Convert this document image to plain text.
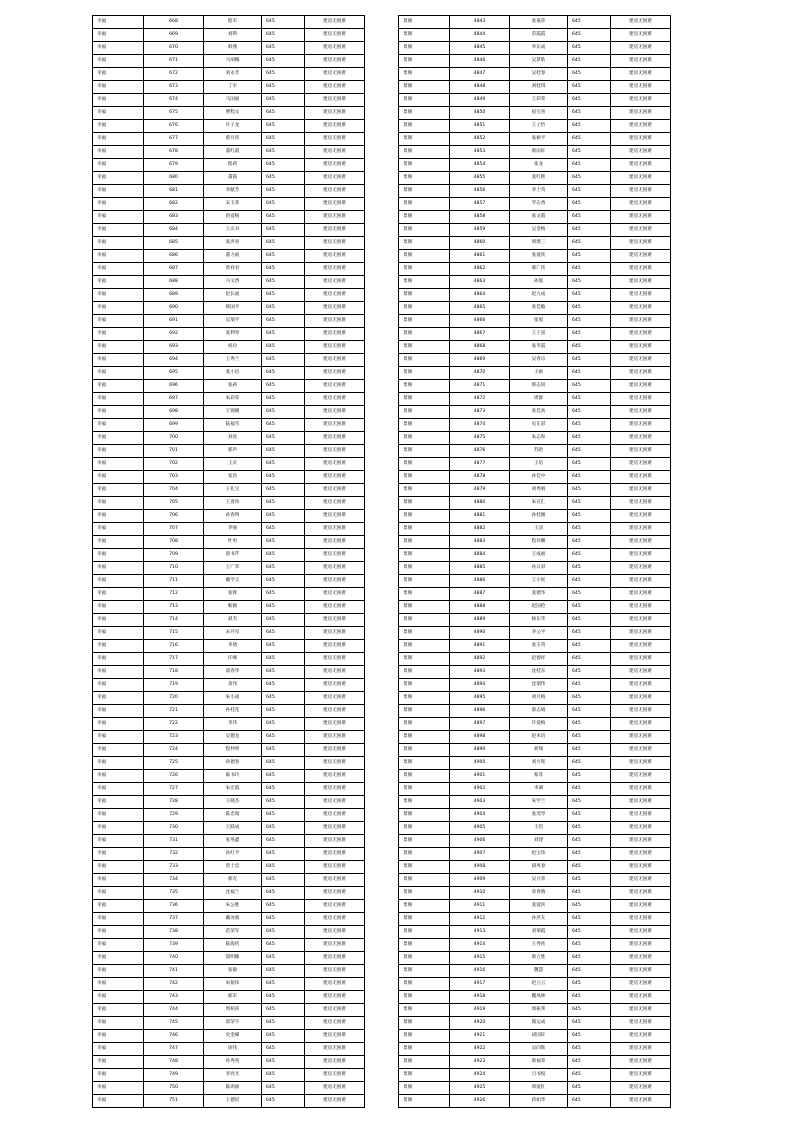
幸福	668	程军	645	建房无困难
幸福	669	刘利	645	建房无困难
幸福	670	韩燕	645	建房无困难
幸福	671	马胡娜	645	建房无困难
幸福	672	刘永芳	645	建房无困难
幸福	673	丁军	645	建房无困难
幸福	674	马国福	645	建房无困难
幸福	675	曹程文	645	建房无困难
幸福	676	许子龙	645	建房无困难
幸福	677	蔡月侠	645	建房无困难
幸福	678	董红霞	645	建房无困难
幸福	679	程莉	645	建房无困难
幸福	680	董霞	645	建房无困难
幸福	681	李献芳	645	建房无困难
幸福	682	宋玉荣	645	建房无困难
幸福	683	蒋爱梅	645	建房无困难
幸福	684	王庆书	645	建房无困难
幸福	685	张洪亮	645	建房无困难
幸福	686	董力福	645	建房无困难
幸福	687	曾祥君	645	建房无困难
幸福	688	马文香	645	建房无困难
幸福	689	赵长福	645	建房无困难
幸福	690	韩国平	645	建房无困难
幸福	691	吴瑞平	645	建房无困难
幸福	692	张利琴	645	建房无困难
幸福	693	祝玲	645	建房无困难
幸福	694	王秀兰	645	建房无困难
幸福	695	张小培	645	建房无困难
幸福	696	张莉	645	建房无困难
幸福	697	朱彩荣	645	建房无困难
幸福	698	王锦刚	645	建房无困难
幸福	699	陆福雪	645	建房无困难
幸福	700	刘真	645	建房无困难
幸福	701	郝声	645	建房无困难
幸福	702	王庆	645	建房无困难
幸福	703	张浩	645	建房无困难
幸福	704	王礼宝	645	建房无困难
幸福	705	王喜珍	645	建房无困难
幸福	706	孙春明	645	建房无困难
幸福	707	李强	645	建房无困难
幸福	708	叶男	645	建房无困难
幸福	709	翟书芹	645	建房无困难
幸福	710	王广荣	645	建房无困难
幸福	711	戴学义	645	建房无困难
幸福	712	张辉	645	建房无困难
幸福	713	靳鹤	645	建房无困难
幸福	714	聂杰	645	建房无困难
幸福	715	宋丹军	645	建房无困难
幸福	716	李倩	645	建房无困难
幸福	717	许峰	645	建房无困难
幸福	718	翟春华	645	建房无困难
幸福	719	余伟	645	建房无困难
幸福	720	朱小成	645	建房无困难
幸福	721	孙桂花	645	建房无困难
幸福	722	李伟	645	建房无困难
幸福	723	吴德龙	645	建房无困难
幸福	724	程仲明	645	建房无困难
幸福	725	孙德春	645	建房无困难
幸福	726	陈书玲	645	建房无困难
幸福	727	朱宏霞	645	建房无困难
幸福	728	王晓杰	645	建房无困难
幸福	729	陈忠瑞	645	建房无困难
幸福	730	王跃成	645	建房无困难
幸福	731	张英鑫	645	建房无困难
幸福	732	孙红平	645	建房无困难
幸福	733	曾士忠	645	建房无困难
幸福	734	郝光	645	建房无困难
幸福	735	沈福兰	645	建房无困难
幸福	736	朱公胜	645	建房无困难
幸福	737	戴冰燕	645	建房无困难
幸福	738	范荣军	645	建房无困难
幸福	739	陆海侠	645	建房无困难
幸福	740	郑明臻	645	建房无困难
幸福	741	张敏	645	建房无困难
幸福	742	朱银珍	645	建房无困难
幸福	743	郝军	645	建房无困难
幸福	744	周柏喜	645	建房无困难
幸福	745	郑荣宇	645	建房无困难
幸福	746	史金娣	645	建房无困难
幸福	747	徐伟	645	建房无困难
幸福	748	孙秀英	645	建房无困难
幸福	749	李亮光	645	建房无困难
幸福	750	陈鸿福	645	建房无困难
幸福	751	王德培	645	建房无困难
景阁	4843	张嘉萍	645	建房无困难
景阁	4844	苗霞霞	645	建房无困难
景阁	4845	李东成	645	建房无困难
景阁	4846	吴梦皓	645	建房无困难
景阁	4847	吴桂春	645	建房无困难
景阁	4848	刘桂琪	645	建房无困难
景阁	4849	王彩荣	645	建房无困难
景阁	4850	宿宝喜	645	建房无困难
景阁	4851	王子怡	645	建房无困难
景阁	4852	张树平	645	建房无困难
景阁	4853	蔡雨轩	645	建房无困难
景阁	4854	张龙	645	建房无困难
景阁	4855	张红艳	645	建房无困难
景阁	4856	李士英	645	建房无困难
景阁	4857	罗志香	645	建房无困难
景阁	4858	张文霞	645	建房无困难
景阁	4859	吴金梅	645	建房无困难
景阁	4860	周建三	645	建房无困难
景阁	4861	张爱侠	645	建房无困难
景阁	4862	郝广侠	645	建房无困难
景阁	4863	孙琚	645	建房无困难
景阁	4864	赵九成	645	建房无困难
景阁	4865	张佳敏	645	建房无困难
景阁	4866	张旭	645	建房无困难
景阁	4867	王子富	645	建房无困难
景阁	4868	张冬霞	645	建房无困难
景阁	4869	吴春宗	645	建房无困难
景阁	4870	王硕	645	建房无困难
景阁	4871	蔡志同	645	建房无困难
景阁	4872	周群	645	建房无困难
景阁	4873	张佳高	645	建房无困难
景阁	4874	史正彩	645	建房无困难
景阁	4875	朱志和	645	建房无困难
景阁	4876	苏晗	645	建房无困难
景阁	4877	王培	645	建房无困难
景阁	4878	孙佳中	645	建房无困难
景阁	4879	刘秀娟	645	建房无困难
景阁	4880	朱宣汇	645	建房无困难
景阁	4881	孙桂刚	645	建房无困难
景阁	4882	王清	645	建房无困难
景阁	4883	程祥鹏	645	建房无困难
景阁	4884	王成福	645	建房无困难
景阁	4885	孙日彩	645	建房无困难
景阁	4886	王小瑶	645	建房无困难
景阁	4887	张德华	645	建房无困难
景阁	4888	赵国伦	645	建房无困难
景阁	4889	杨东华	645	建房无困难
景阁	4890	李公平	645	建房无困难
景阁	4891	张玉英	645	建房无困难
景阁	4892	赵德祥	645	建房无困难
景阁	4893	沈桂东	645	建房无困难
景阁	4894	沈瑞伟	645	建房无困难
景阁	4895	刘月梅	645	建房无困难
景阁	4896	蔡志娟	645	建房无困难
景阁	4897	许爱梅	645	建房无困难
景阁	4898	赵木培	645	建房无困难
景阁	4899	胡瑞	645	建房无困难
景阁	4900	刘方辉	645	建房无困难
景阁	4901	蔡苏	645	建房无困难
景阁	4902	李调	645	建房无困难
景阁	4903	朱学兰	645	建房无困难
景阁	4904	张茂琴	645	建房无困难
景阁	4905	王钧	645	建房无困难
景阁	4906	刘建	645	建房无困难
景阁	4907	赵宝珍	645	建房无困难
景阁	4908	胡凤春	645	建房无困难
景阁	4909	吴兴荣	645	建房无困难
景阁	4910	章春燕	645	建房无困难
景阁	4911	张爱侠	645	建房无困难
景阁	4912	孙洪友	645	建房无困难
景阁	4913	刘瑞霞	645	建房无困难
景阁	4914	王秀侠	645	建房无困难
景阁	4915	蔡万胜	645	建房无困难
景阁	4916	魏慧	645	建房无困难
景阁	4917	赵立云	645	建房无困难
景阁	4918	魏凤林	645	建房无困难
景阁	4919	周振邦	645	建房无困难
景阁	4920	熊运成	645	建房无困难
景阁	4921	胡国轩	645	建房无困难
景阁	4922	吴向辉	645	建房无困难
景阁	4923	蔡福荣	645	建房无困难
景阁	4924	吕书悦	645	建房无困难
景阁	4925	周爱红	645	建房无困难
景阁	4926	蒋如华	645	建房无困难
